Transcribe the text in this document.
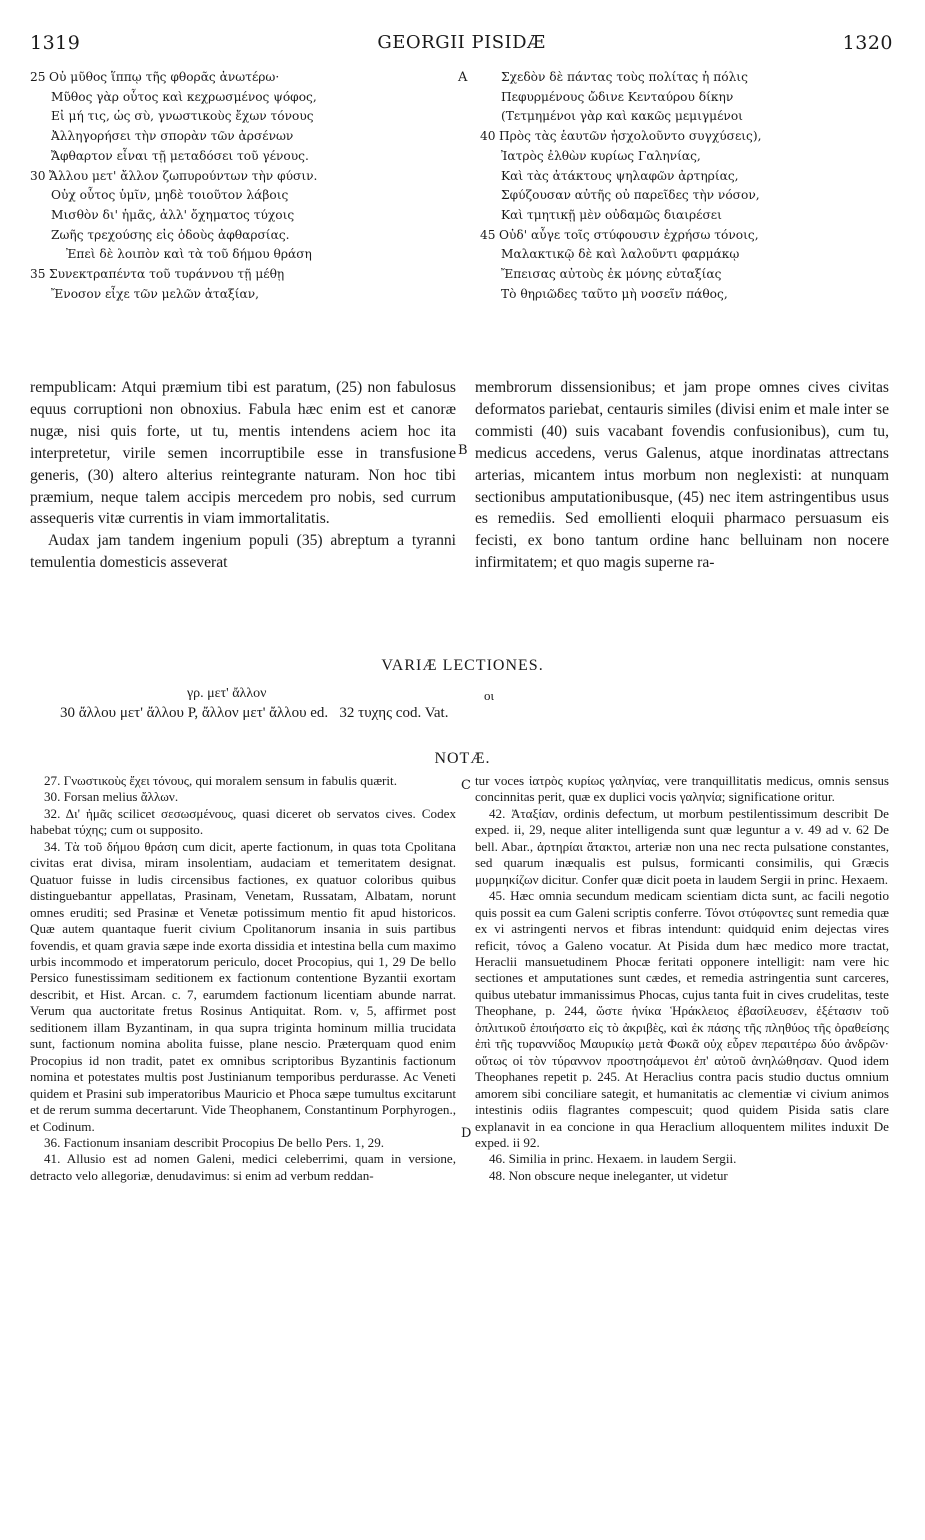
1319	GEORGII PISIDÆ	1320
25 Οὐ μῦθος ἵππῳ τῆς φθορᾶς ἀνωτέρω·
Μῦθος γὰρ οὗτος καὶ κεχρωσμένος ψόφος,
Εἰ μή τις, ὡς σὺ, γνωστικοὺς ἔχων τόνους
Ἀλληγορήσει τὴν σπορὰν τῶν ἀρσένων
Ἄφθαρτον εἶναι τῇ μεταδόσει τοῦ γένους.
30 Ἄλλου μετ' ἄλλον ζωπυρούντων τὴν φύσιν.
Οὐχ οὗτος ὑμῖν, μηδὲ τοιοῦτον λάβοις
Μισθὸν δι' ἡμᾶς, ἀλλ' ὄχηματος τύχοις
Ζωῆς τρεχούσης εἰς ὁδοὺς ἀφθαρσίας.
Ἐπεὶ δὲ λοιπὸν καὶ τὰ τοῦ δήμου θράση
35 Συνεκτραπέντα τοῦ τυράννου τῇ μέθῃ
Ἔνοσον εἶχε τῶν μελῶν ἀταξίαν,
A	Σχεδὸν δὲ πάντας τοὺς πολίτας ἡ πόλις
Πεφυρμένους ὤδινε Κενταύρου δίκην
(Τετμημένοι γὰρ καὶ κακῶς μεμιγμένοι
40 Πρὸς τὰς ἑαυτῶν ἠσχολοῦντο συγχύσεις),
Ἰατρὸς ἐλθὼν κυρίως Γαληνίας,
Καὶ τὰς ἀτάκτους ψηλαφῶν ἀρτηρίας,
Σφύζουσαν αὐτῆς οὐ παρεῖδες τὴν νόσον,
Καὶ τμητικῇ μὲν οὐδαμῶς διαιρέσει
45 Οὐδ' αὖγε τοῖς στύφουσιν ἐχρήσω τόνοις,
Μαλακτικῷ δὲ καὶ λαλοῦντι φαρμάκῳ
Ἔπεισας αὐτοὺς ἐκ μόνης εὐταξίας
Τὸ θηριῶδες ταῦτο μὴ νοσεῖν πάθος,

rempublicam: Atqui præmium tibi est paratum, (25) non fabulosus equus corruptioni non obnoxius. Fabula hæc enim est et canoræ nugæ, nisi quis forte, ut tu, mentis intendens aciem hoc ita interpretetur, virile semen incorruptibile esse in transfusione generis, (30) altero alterius reintegrante naturam. Non hoc tibi præmium, neque talem accipis mercedem pro nobis, sed currum assequeris vitæ currentis in viam immortalitatis.

Audax jam tandem ingenium populi (35) abreptum a tyranni temulentia domesticis asseverat

B

membrorum dissensionibus; et jam prope omnes cives civitas deformatos pariebat, centauris similes (divisi enim et male inter se commisti (40) suis vacabant fovendis confusionibus), cum tu, medicus accedens, verus Galenus, atque inordinatas attrectans arterias, micantem intus morbum non neglexisti: at nunquam sectionibus amputationibusque, (45) nec item astringentibus usus es remediis. Sed emollienti eloquii pharmaco persuasum eis fecisti, ex bono tantum ordine hanc belluinam non nocere infirmitatem; et quo magis superne ra-

VARIÆ LECTIONES.
γρ. μετ' ἄλλον	οι
30 ἄλλου μετ' ἄλλου P, ἄλλον μετ' ἄλλου ed.   32 τυχης cod. Vat.
NOTÆ.

27. Γνωστικοὺς ἔχει τόνους, qui moralem sensum in fabulis quærit.

30. Forsan melius ἄλλων.

32. Δι' ἡμᾶς scilicet σεσωσμένους, quasi diceret ob servatos cives. Codex habebat τύχης; cum οι supposito.

34. Τὰ τοῦ δήμου θράση cum dicit, aperte factionum, in quas tota Cpolitana civitas erat divisa, miram insolentiam, audaciam et temeritatem designat. Quatuor fuisse in ludis circensibus factiones, ex quatuor coloribus quibus distinguebantur appellatas, Prasinam, Venetam, Russatam, Albatam, norunt omnes eruditi; sed Prasinæ et Venetæ potissimum mentio fit apud historicos. Quæ autem quantaque fuerit civium Cpolitanorum insania in suis partibus fovendis, et quam gravia sæpe inde exorta dissidia et intestina bella cum maximo urbis incommodo et imperatorum periculo, docet Procopius, qui 1, 29 De bello Persico funestissimam seditionem ex factionum contentione Byzantii exortam describit, et Hist. Arcan. c. 7, earumdem factionum licentiam abunde narrat. Verum qua auctoritate fretus Rosinus Antiquitat. Rom. v, 5, affirmet post seditionem illam Byzantinam, in qua supra triginta hominum millia trucidata sunt, factionum nomina abolita fuisse, plane nescio. Præterquam quod enim Procopius id non tradit, patet ex omnibus scriptoribus Byzantinis factionum nomina et potestates multis post Justinianum temporibus perdurasse. Ac Veneti quidem et Prasini sub imperatoribus Mauricio et Phoca sæpe tumultus excitarunt et de rerum summa decertarunt. Vide Theophanem, Constantinum Porphyrogen., et Codinum.

36. Factionum insaniam describit Procopius De bello Pers. 1, 29.

41. Allusio est ad nomen Galeni, medici celeberrimi, quam in versione, detracto velo allegoriæ, denudavimus: si enim ad verbum reddan-

C
D

tur voces ἰατρὸς κυρίως γαληνίας, vere tranquillitatis medicus, omnis sensus concinnitas perit, quæ ex duplici vocis γαληνία; significatione oritur.

42. Ἀταξίαν, ordinis defectum, ut morbum pestilentissimum describit De exped. ii, 29, neque aliter intelligenda sunt quæ leguntur a v. 49 ad v. 62 De bell. Abar., ἀρτηρίαι ἄτακτοι, arteriæ non una nec recta pulsatione constantes, sed quarum inæqualis est pulsus, formicanti consimilis, qui Græcis μυρμηκίζων dicitur. Confer quæ dicit poeta in laudem Sergii in princ. Hexaem.

45. Hæc omnia secundum medicam scientiam dicta sunt, ac facili negotio quis possit ea cum Galeni scriptis conferre. Τόνοι στύφοντες sunt remedia quæ ex vi astringenti nervos et fibras intendunt: quidquid enim dejectas vires reficit, τόνος a Galeno vocatur. At Pisida dum hæc medico more tractat, Heraclii mansuetudinem Phocæ feritati opponere intelligit: nam vere hic sectiones et amputationes sunt cædes, et remedia astringentia sunt carceres, quibus utebatur immanissimus Phocas, cujus tanta fuit in cives crudelitas, teste Theophane, p. 244, ὥστε ἡνίκα Ἡράκλειος ἐβασίλευσεν, ἐξέτασιν τοῦ ὁπλιτικοῦ ἐποιήσατο εἰς τὸ ἀκριβὲς, καὶ ἐκ πάσης τῆς πληθύος τῆς ὀραθείσης ἐπὶ τῆς τυραννίδος Μαυρικίῳ μετὰ Φωκᾶ οὐχ εὗρεν περαιτέρω δύο ἀνδρῶν· οὕτως οἱ τὸν τύραννον προστησάμενοι ἐπ' αὐτοῦ ἀνηλώθησαν. Quod idem Theophanes repetit p. 245. At Heraclius contra pacis studio ductus omnium amorem sibi conciliare sategit, et humanitatis ac clementiæ vi civium animos intestinis odiis flagrantes compescuit; quod quidem Pisida satis clare explanavit in ea concione in qua Heraclium alloquentem milites induxit De exped. ii 92.

46. Similia in princ. Hexaem. in laudem Sergii.

48. Non obscure neque ineleganter, ut videtur
